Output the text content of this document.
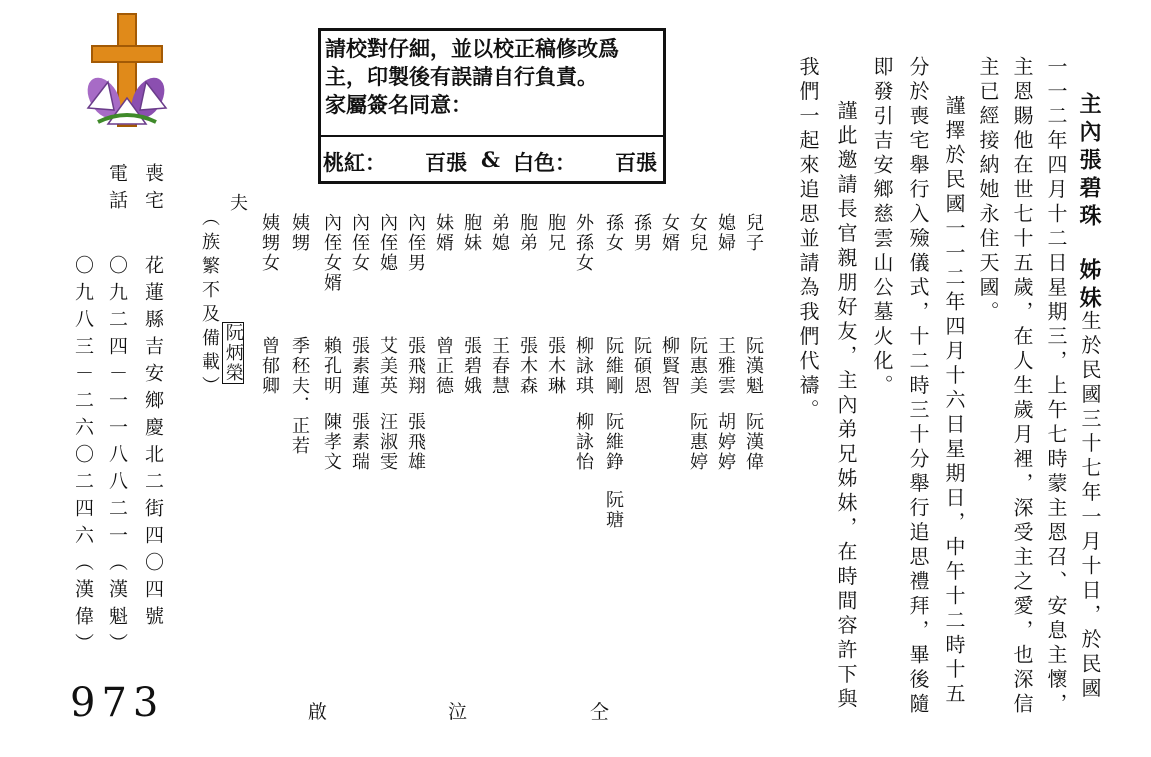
請校對仔細，並以校正稿修改爲
主，印製後有誤請自行負責。
家屬簽名同意：
桃紅： 百張 & 白色： 百張	主內張碧珠
姊妹
生於民國三十七年一月十日，於民國
一一二年四月十二日星期三，上午七時蒙主恩召、安息主懷，
主恩賜他在世七十五歲，在人生歲月裡，深受主之愛，也深信
主已經接納她永住天國。
謹擇於民國一一二年四月十六日星期日，中午十二時十五
分於喪宅舉行入殮儀式，十二時三十分舉行追思禮拜，畢後隨
即發引吉安鄉慈雲山公墓火化。
謹此邀請長官親朋好友，主內弟兄姊妹，在時間容許下與
我們一起來追思並請為我們代禱。
兒子
阮漢魁
阮漢偉
媳婦
王雅雲
胡婷婷
女兒
阮惠美
阮惠婷
女婿
柳賢智
孫男
阮碩恩
孫女
阮維剛
阮維錚
阮瑭
外孫女
柳詠琪
柳詠怡
胞兄
張木琳
胞弟
張木森
弟媳
王春慧
胞妹
張碧娥
妹婿
曾正德
內侄男
張飛翔
張飛雄
內侄媳
艾美英
汪淑雯
內侄女
張素蓮
張素瑞
內侄女婿
賴孔明
陳孝文
姨甥
季秠夫．正若
姨甥女
曾郁卿
夫
阮炳榮
（族繁不及備載）
喪宅
花蓮縣吉安鄉慶北二街四〇四號
電話
〇九二四－一一八八二一（漢魁）
〇九八三－二六〇二四六（漢偉）
973	仝
泣
啟
